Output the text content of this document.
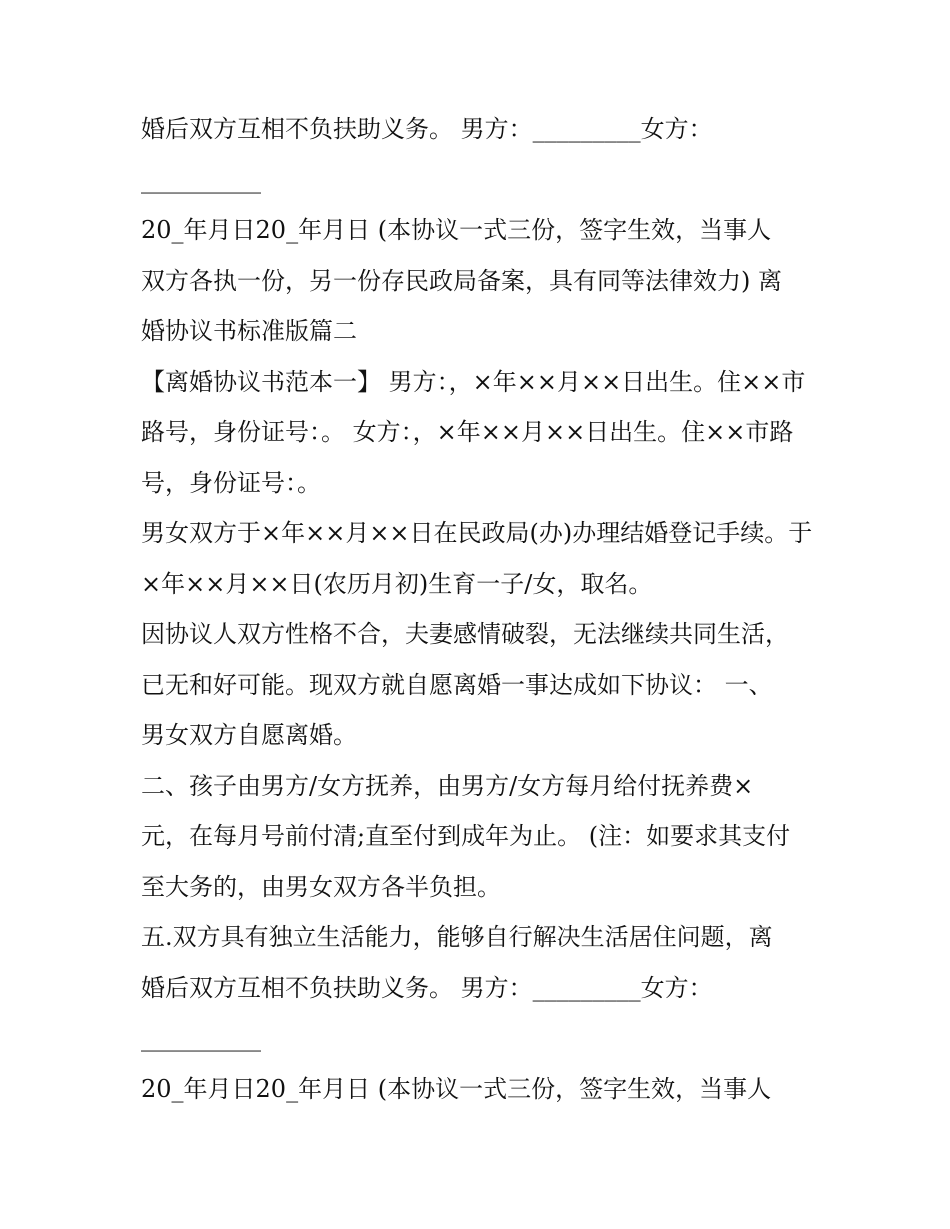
婚后双方互相不负扶助义务。 男方：_________女方：
__________
20_年月日20_年月日 (本协议一式三份，签字生效，当事人
双方各执一份，另一份存民政局备案，具有同等法律效力) 离
婚协议书标准版篇二
【离婚协议书范本一】 男方：，×年××月××日出生。住××市
路号，身份证号：。 女方：，×年××月××日出生。住××市路
号，身份证号：。
男女双方于×年××月××日在民政局(办)办理结婚登记手续。于
×年××月××日(农历月初)生育一子/女，取名。
因协议人双方性格不合，夫妻感情破裂，无法继续共同生活，
已无和好可能。现双方就自愿离婚一事达成如下协议： 一、
男女双方自愿离婚。
二、孩子由男方/女方抚养，由男方/女方每月给付抚养费×
元，在每月号前付清;直至付到成年为止。 (注：如要求其支付
至大务的，由男女双方各半负担。
五.双方具有独立生活能力，能够自行解决生活居住问题，离
婚后双方互相不负扶助义务。 男方：_________女方：
__________
20_年月日20_年月日 (本协议一式三份，签字生效，当事人
